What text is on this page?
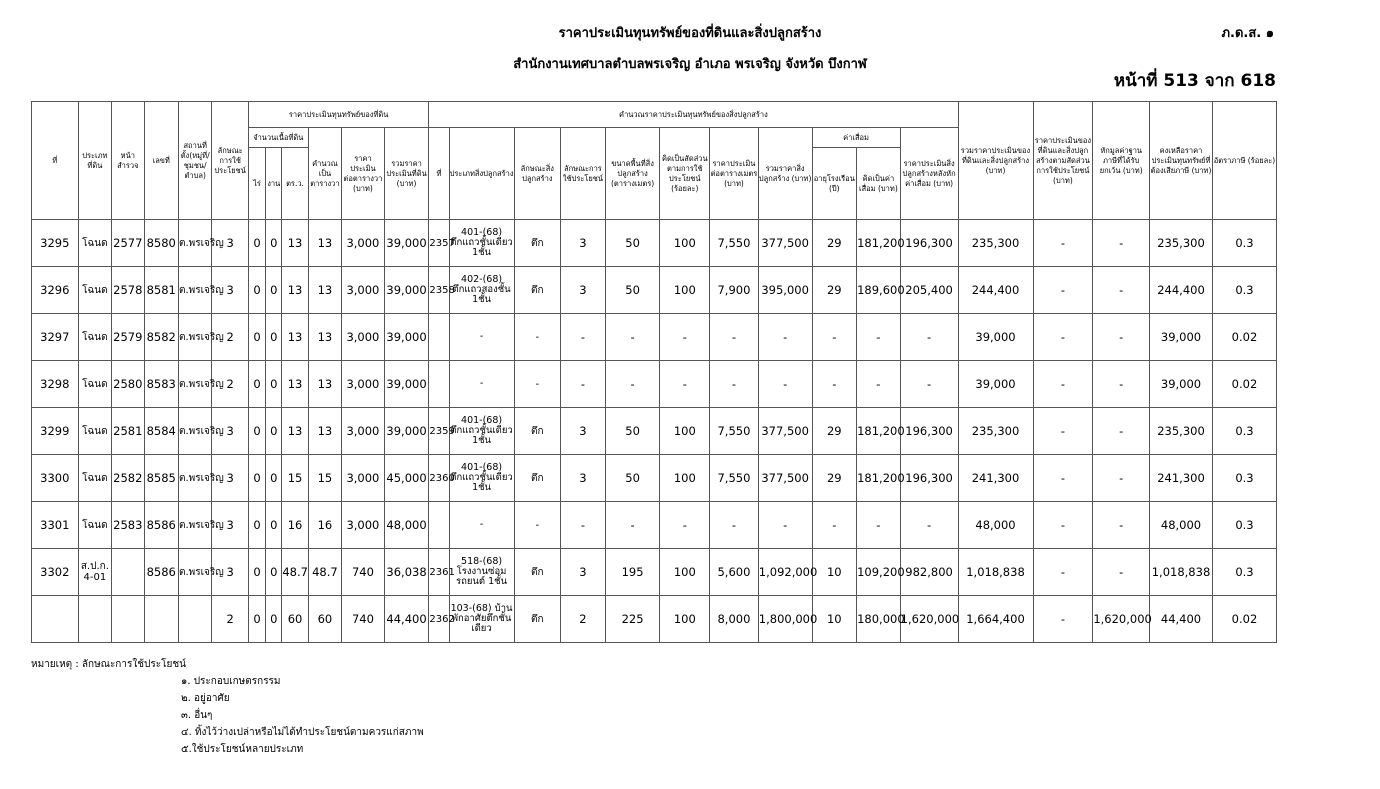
ราคาประเมินทุนทรัพย์ของที่ดินและสิ่งปลูกสร้าง
สำนักงานเทศบาลตำบลพรเจริญ อำเภอ พรเจริญ จังหวัด บึงกาฬ
ภ.ด.ส. ๑
หน้าที่ 513 จาก 618
ที่	ประเภทที่ดิน	หน้าสำรวจ	เลขที่	สถานที่ตั้ง(หมู่ที่/ชุมชน/ตำบล)	ลักษณะการใช้ประโยชน์	ราคาประเมินทุนทรัพย์ของที่ดิน						คำนวณราคาประเมินทุนทรัพย์ของสิ่งปลูกสร้าง											รวมราคาประเมินของที่ดินและสิ่งปลูกสร้าง (บาท)	ราคาประเมินของที่ดินและสิ่งปลูกสร้างตามสัดส่วนการใช้ประโยชน์ (บาท)	หักมูลค่าฐานภาษีที่ได้รับยกเว้น (บาท)	คงเหลือราคาประเมินทุนทรัพย์ที่ต้องเสียภาษี (บาท)	อัตราภาษี (ร้อยละ)
						จำนวนเนื้อที่ดิน			คำนวณเป็นตารางวา	ราคาประเมินต่อตารางวา (บาท)	รวมราคาประเมินที่ดิน (บาท)	ที่	ประเภทสิ่งปลูกสร้าง	ลักษณะสิ่งปลูกสร้าง	ลักษณะการใช้ประโยชน์	ขนาดพื้นที่สิ่งปลูกสร้าง (ตารางเมตร)	คิดเป็นสัดส่วนตามการใช้ประโยชน์ (ร้อยละ)	ราคาประเมินต่อตารางเมตร (บาท)	รวมราคาสิ่งปลูกสร้าง (บาท)	ค่าเสื่อม		ราคาประเมินสิ่งปลูกสร้างหลังหักค่าเสื่อม (บาท)					
						ไร่	งาน	ตร.ว.												อายุโรงเรือน (ปี)	คิดเป็นค่าเสื่อม (บาท)						
3295	โฉนด	2577	8580	ต.พรเจริญ	3	0	0	13	13	3,000	39,000	2357	401-(68) ตึกแถวชั้นเดียว 1ชั้น	ตึก	3	50	100	7,550	377,500	29	181,200	196,300	235,300	-	-	235,300	0.3
3296	โฉนด	2578	8581	ต.พรเจริญ	3	0	0	13	13	3,000	39,000	2358	402-(68) ตึกแถวสองชั้น 1ชั้น	ตึก	3	50	100	7,900	395,000	29	189,600	205,400	244,400	-	-	244,400	0.3
3297	โฉนด	2579	8582	ต.พรเจริญ	2	0	0	13	13	3,000	39,000		-	-	-	-	-	-	-	-	-	-	39,000	-	-	39,000	0.02
3298	โฉนด	2580	8583	ต.พรเจริญ	2	0	0	13	13	3,000	39,000		-	-	-	-	-	-	-	-	-	-	39,000	-	-	39,000	0.02
3299	โฉนด	2581	8584	ต.พรเจริญ	3	0	0	13	13	3,000	39,000	2359	401-(68) ตึกแถวชั้นเดียว 1ชั้น	ตึก	3	50	100	7,550	377,500	29	181,200	196,300	235,300	-	-	235,300	0.3
3300	โฉนด	2582	8585	ต.พรเจริญ	3	0	0	15	15	3,000	45,000	2360	401-(68) ตึกแถวชั้นเดียว 1ชั้น	ตึก	3	50	100	7,550	377,500	29	181,200	196,300	241,300	-	-	241,300	0.3
3301	โฉนด	2583	8586	ต.พรเจริญ	3	0	0	16	16	3,000	48,000		-	-	-	-	-	-	-	-	-	-	48,000	-	-	48,000	0.3
3302	ส.ป.ก. 4-01		8586	ต.พรเจริญ	3	0	0	48.7	48.7	740	36,038	2361	518-(68) โรงงานซ่อมรถยนต์ 1ชั้น	ตึก	3	195	100	5,600	1,092,000	10	109,200	982,800	1,018,838	-	-	1,018,838	0.3
					2	0	0	60	60	740	44,400	2362	103-(68) บ้านพักอาศัยตึกชั้นเดียว	ตึก	2	225	100	8,000	1,800,000	10	180,000	1,620,000	1,664,400	-	1,620,000	44,400	0.02
หมายเหตุ : ลักษณะการใช้ประโยชน์
๑. ประกอบเกษตรกรรม
๒. อยู่อาศัย
๓. อื่นๆ
๔. ทิ้งไว้ว่างเปล่าหรือไม่ได้ทำประโยชน์ตามควรแก่สภาพ
๕.ใช้ประโยชน์หลายประเภท
